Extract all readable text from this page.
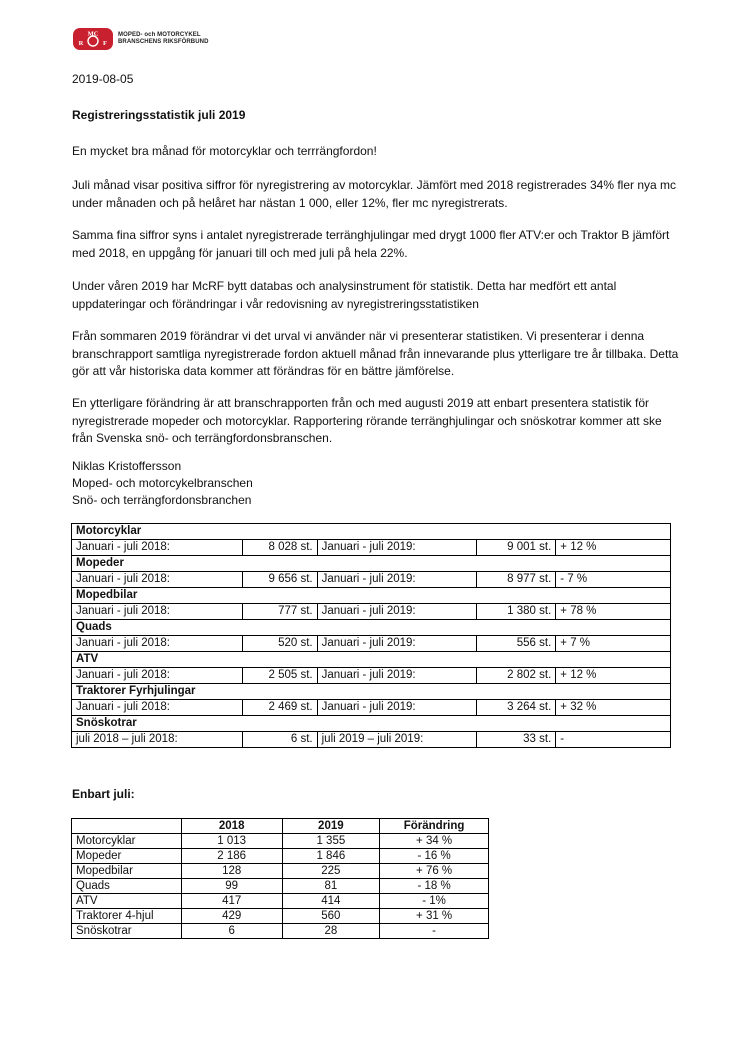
MC
R	F
MOPED- och MOTORCYKEL
BRANSCHENS RIKSFÖRBUND
2019-08-05
Registreringsstatistik juli 2019

En mycket bra månad för motorcyklar och terrrängfordon!

Juli månad visar positiva siffror för nyregistrering av motorcyklar. Jämfört med 2018 registrerades 34% fler nya mc under månaden och på helåret har nästan 1 000, eller 12%, fler mc nyregistrerats.

Samma fina siffror syns i antalet nyregistrerade terränghjulingar med drygt 1000 fler ATV:er och Traktor B jämfört med 2018, en uppgång för januari till och med juli på hela 22%.

Under våren 2019 har McRF bytt databas och analysinstrument för statistik. Detta har medfört ett antal uppdateringar och förändringar i vår redovisning av nyregistreringsstatistiken

Från sommaren 2019 förändrar vi det urval vi använder när vi presenterar statistiken. Vi presenterar i denna branschrapport samtliga nyregistrerade fordon aktuell månad från innevarande plus ytterligare tre år tillbaka. Detta gör att vår historiska data kommer att förändras för en bättre jämförelse.

En ytterligare förändring är att branschrapporten från och med augusti 2019 att enbart presentera statistik för nyregistrerade mopeder och motorcyklar. Rapportering rörande terränghjulingar och snöskotrar kommer att ske från Svenska snö- och terrängfordonsbranschen.

Niklas Kristoffersson
Moped- och motorcykelbranschen
Snö- och terrängfordonsbranchen
Motorcyklar				
Januari - juli 2018:	8 028 st.	Januari - juli 2019:	9 001 st.	+ 12 %
Mopeder				
Januari - juli 2018:	9 656 st.	Januari - juli 2019:	8 977 st.	- 7 %
Mopedbilar				
Januari - juli 2018:	777 st.	Januari - juli 2019:	1 380 st.	+ 78 %
Quads				
Januari - juli 2018:	520 st.	Januari - juli 2019:	556 st.	+ 7 %
ATV				
Januari - juli 2018:	2 505 st.	Januari - juli 2019:	2 802 st.	+ 12 %
Traktorer Fyrhjulingar				
Januari - juli 2018:	2 469 st.	Januari - juli 2019:	3 264 st.	+ 32 %
Snöskotrar				
juli 2018 – juli 2018:	6 st.	juli 2019 – juli 2019:	33 st.	-
Enbart juli:
	2018	2019	Förändring
Motorcyklar	1 013	1 355	+ 34 %
Mopeder	2 186	1 846	- 16 %
Mopedbilar	128	225	+ 76 %
Quads	99	81	- 18 %
ATV	417	414	- 1%
Traktorer 4-hjul	429	560	+ 31 %
Snöskotrar	6	28	-
